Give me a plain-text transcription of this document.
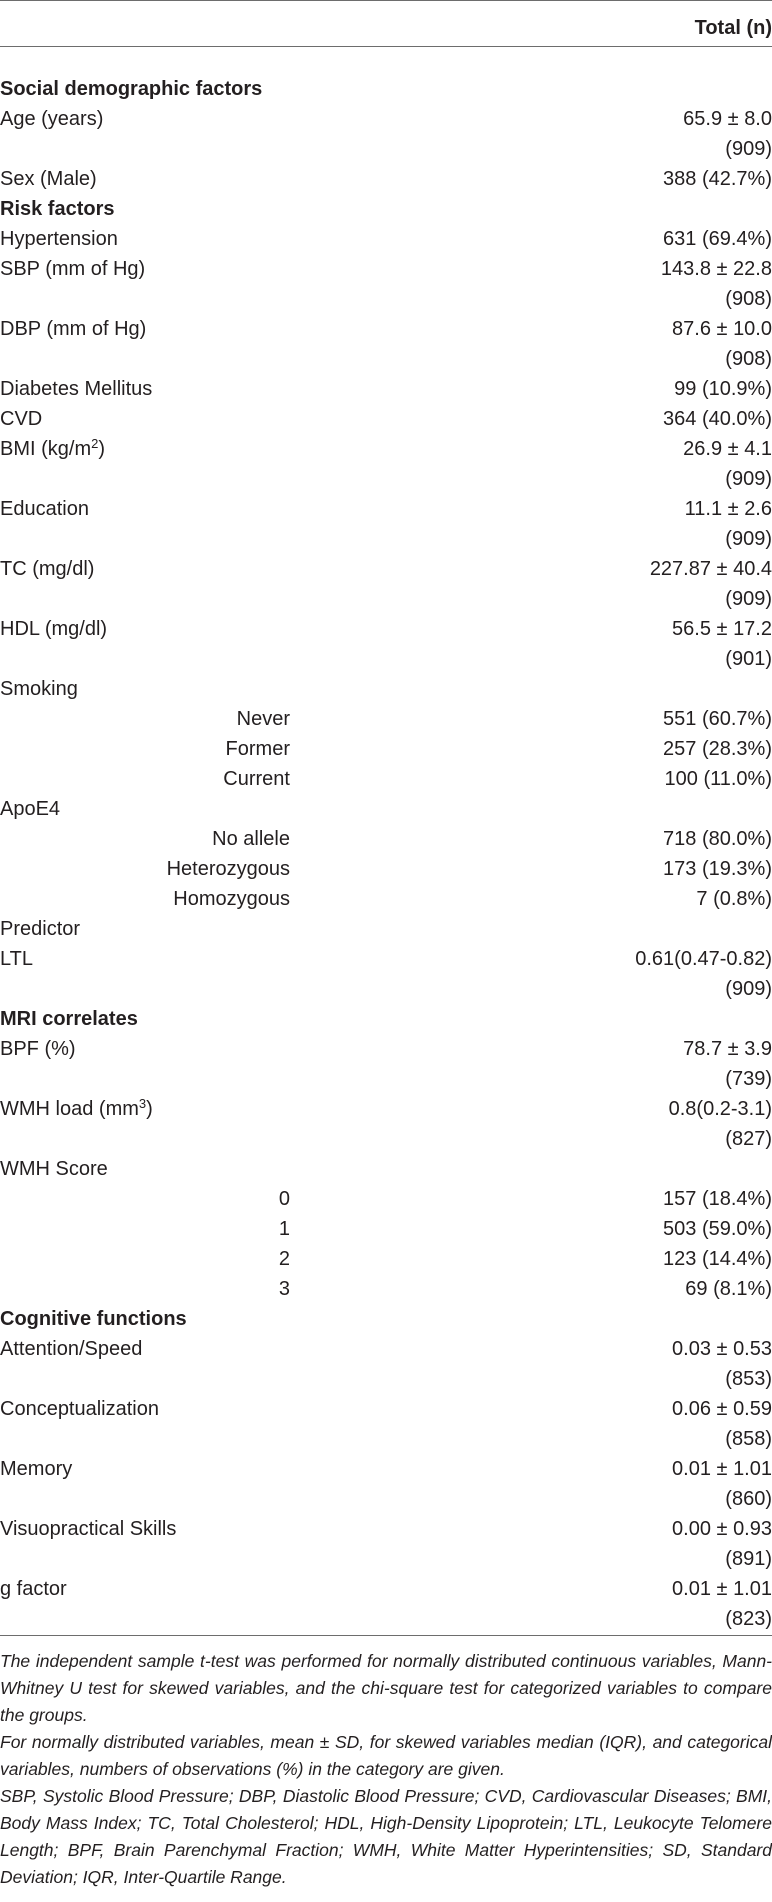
Total (n)
Social demographic factors
Age (years)	65.9 ± 8.0
(909)
Sex (Male)	388 (42.7%)
Risk factors
Hypertension	631 (69.4%)
SBP (mm of Hg)	143.8 ± 22.8
(908)
DBP (mm of Hg)	87.6 ± 10.0
(908)
Diabetes Mellitus	99 (10.9%)
CVD	364 (40.0%)
BMI $(kg/m^2)$	26.9 ± 4.1
(909)
Education	11.1 ± 2.6
(909)
TC (mg/dl)	227.87 ± 40.4
(909)
HDL (mg/dl)	56.5 ± 17.2
(901)
Smoking
Never	551 (60.7%)
Former	257 (28.3%)
Current	100 (11.0%)
ApoE4
No allele	718 (80.0%)
Heterozygous	173 (19.3%)
Homozygous	7 (0.8%)
Predictor
LTL	0.61(0.47-0.82)
(909)
MRI correlates
BPF (%)	78.7 ± 3.9
(739)
WMH load $(mm^3)$	0.8(0.2-3.1)
(827)
WMH Score
0	157 (18.4%)
1	503 (59.0%)
2	123 (14.4%)
3	69 (8.1%)
Cognitive functions
Attention/Speed	0.03 ± 0.53
(853)
Conceptualization	0.06 ± 0.59
(858)
Memory	0.01 ± 1.01
(860)
Visuopractical Skills	0.00 ± 0.93
(891)
g factor	0.01 ± 1.01
(823)

The independent sample t-test was performed for normally distributed continuous variables, Mann-Whitney U test for skewed variables, and the chi-square test for categorized variables to compare the groups.

For normally distributed variables, mean ± SD, for skewed variables median (IQR), and categorical variables, numbers of observations (%) in the category are given.

SBP, Systolic Blood Pressure; DBP, Diastolic Blood Pressure; CVD, Cardiovascular Diseases; BMI, Body Mass Index; TC, Total Cholesterol; HDL, High-Density Lipoprotein; LTL, Leukocyte Telomere Length; BPF, Brain Parenchymal Fraction; WMH, White Matter Hyperintensities; SD, Standard Deviation; IQR, Inter-Quartile Range.
